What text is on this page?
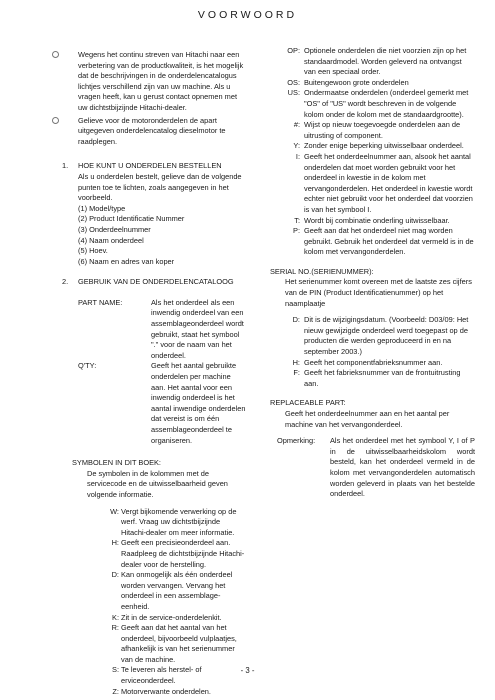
VOORWOORD
Wegens het continu streven van Hitachi naar een verbetering van de productkwaliteit, is het mogelijk dat de beschrijvingen in de onderdelencatalogus lichtjes verschillend zijn van uw machine. Als u vragen heeft, kan u gerust contact opnemen met uw dichtstbijzijnde Hitachi-dealer.
Gelieve voor de motoronderdelen de apart uitgegeven onderdelencatalog dieselmotor te raadplegen.
1. HOE KUNT U ONDERDELEN BESTELLEN
Als u onderdelen bestelt, gelieve dan de volgende punten toe te lichten, zoals aangegeven in het voorbeeld.
(1) Model/type
(2) Product Identificatie Nummer
(3) Onderdeelnummer
(4) Naam onderdeel
(5) Hoev.
(6) Naam en adres van koper
2. GEBRUIK VAN DE ONDERDELENCATALOOG
PART NAME:	Als het onderdeel als een inwendig onderdeel van een assemblageonderdeel wordt gebruikt, staat het symbool "." voor de naam van het onderdeel.
Q'TY:	Geeft het aantal gebruikte onderdelen per machine aan. Het aantal voor een inwendig onderdeel is het aantal inwendige onderdelen dat vereist is om één assemblageonderdeel te organiseren.
SYMBOLEN IN DIT BOEK:
De symbolen in de kolommen met de servicecode en de uitwisselbaarheid geven volgende informatie.
W: Vergt bijkomende verwerking op de werf. Vraag uw dichtstbijzijnde Hitachi-dealer om meer informatie.
H: Geeft een precisieonderdeel aan. Raadpleeg de dichtstbijzijnde Hitachi-dealer voor de herstelling.
D: Kan onmogelijk als één onderdeel worden vervangen. Vervang het onderdeel in een assemblage-eenheid.
K: Zit in de service-onderdelenkit.
R: Geeft aan dat het aantal van het onderdeel, bijvoorbeeld vulplaatjes, afhankelijk is van het serienummer van de machine.
S: Te leveren als herstel- of erviceonderdeel.
Z: Motorverwante onderdelen.
OP: Optionele onderdelen die niet voorzien zijn op het standaardmodel. Worden geleverd na ontvangst van een speciaal order.
OS: Buitengewoon grote onderdelen
US: Ondermaatse onderdelen (onderdeel gemerkt met "OS" of "US" wordt beschreven in de volgende kolom onder de kolom met de standaardgrootte).
#: Wijst op nieuw toegevoegde onderdelen aan de uitrusting of component.
Y: Zonder enige beperking uitwisselbaar onderdeel.
I: Geeft het onderdeelnummer aan, alsook het aantal onderdelen dat moet worden gebruikt voor het onderdeel in kwestie in de kolom met vervangonderdelen. Het onderdeel in kwestie wordt echter niet gebruikt voor het onderdeel dat voorzien is van het symbool I.
T: Wordt bij combinatie onderling uitwisselbaar.
P: Geeft aan dat het onderdeel niet mag worden gebruikt. Gebruik het onderdeel dat vermeld is in de kolom met vervangonderdelen.
SERIAL NO.(SERIENUMMER):
Het serienummer komt overeen met de laatste zes cijfers van de PIN (Product Identificatienummer) op het naamplaatje
D: Dit is de wijzigingsdatum. (Voorbeeld: D03/09: Het nieuw gewijzigde onderdeel werd toegepast op de producten die werden geproduceerd in en na september 2003.)
H: Geeft het componentfabrieksnummer aan.
F: Geeft het fabrieksnummer van de frontuitrusting aan.
REPLACEABLE PART:
Geeft het onderdeelnummer aan en het aantal per machine van het vervangonderdeel.
Opmerking: Als het onderdeel met het symbool Y, I of P in de uitwisselbaarheidskolom wordt besteld, kan het onderdeel vermeld in de kolom met vervangonderdelen automatisch worden geleverd in plaats van het bestelde onderdeel.
- 3 -
